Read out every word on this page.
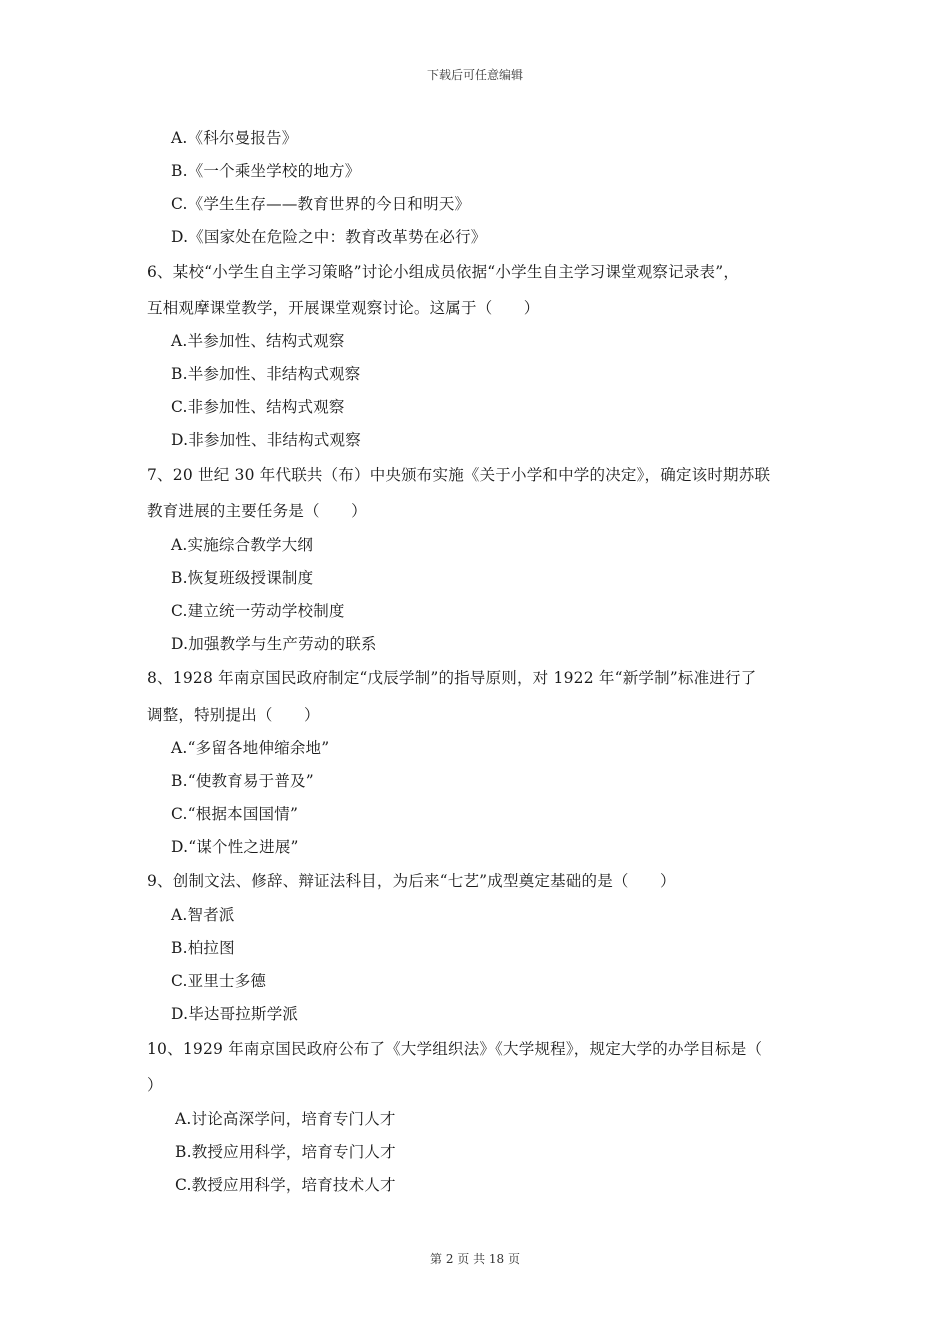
下载后可任意编辑
A.《科尔曼报告》
B.《一个乘坐学校的地方》
C.《学生生存——教育世界的今日和明天》
D.《国家处在危险之中：教育改革势在必行》
6、某校“小学生自主学习策略”讨论小组成员依据“小学生自主学习课堂观察记录表”，
互相观摩课堂教学，开展课堂观察讨论。这属于（　　）
A.半参加性、结构式观察
B.半参加性、非结构式观察
C.非参加性、结构式观察
D.非参加性、非结构式观察
7、20 世纪 30 年代联共（布）中央颁布实施《关于小学和中学的决定》，确定该时期苏联
教育进展的主要任务是（　　）
A.实施综合教学大纲
B.恢复班级授课制度
C.建立统一劳动学校制度
D.加强教学与生产劳动的联系
8、1928 年南京国民政府制定“戊辰学制”的指导原则，对 1922 年“新学制”标准进行了
调整，特别提出（　　）
A.“多留各地伸缩余地”
B.“使教育易于普及”
C.“根据本国国情”
D.“谋个性之进展”
9、创制文法、修辞、辩证法科目，为后来“七艺”成型奠定基础的是（　　）
A.智者派
B.柏拉图
C.亚里士多德
D.毕达哥拉斯学派
10、1929 年南京国民政府公布了《大学组织法》《大学规程》，规定大学的办学目标是（
）
A.讨论高深学问，培育专门人才
B.教授应用科学，培育专门人才
C.教授应用科学，培育技术人才
第 2 页 共 18 页
